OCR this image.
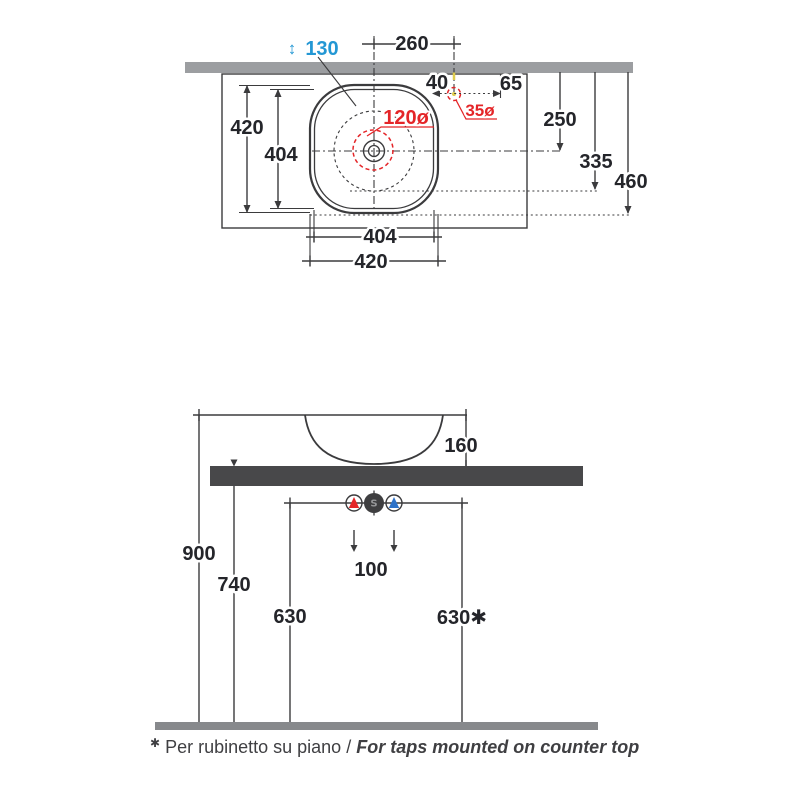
260
40	65
35ø
120ø
↕ 130
420
404
250
335
460
404
420
S
100
160
900
740
630	630✱
✱ Per rubinetto su piano / For taps mounted on counter top
